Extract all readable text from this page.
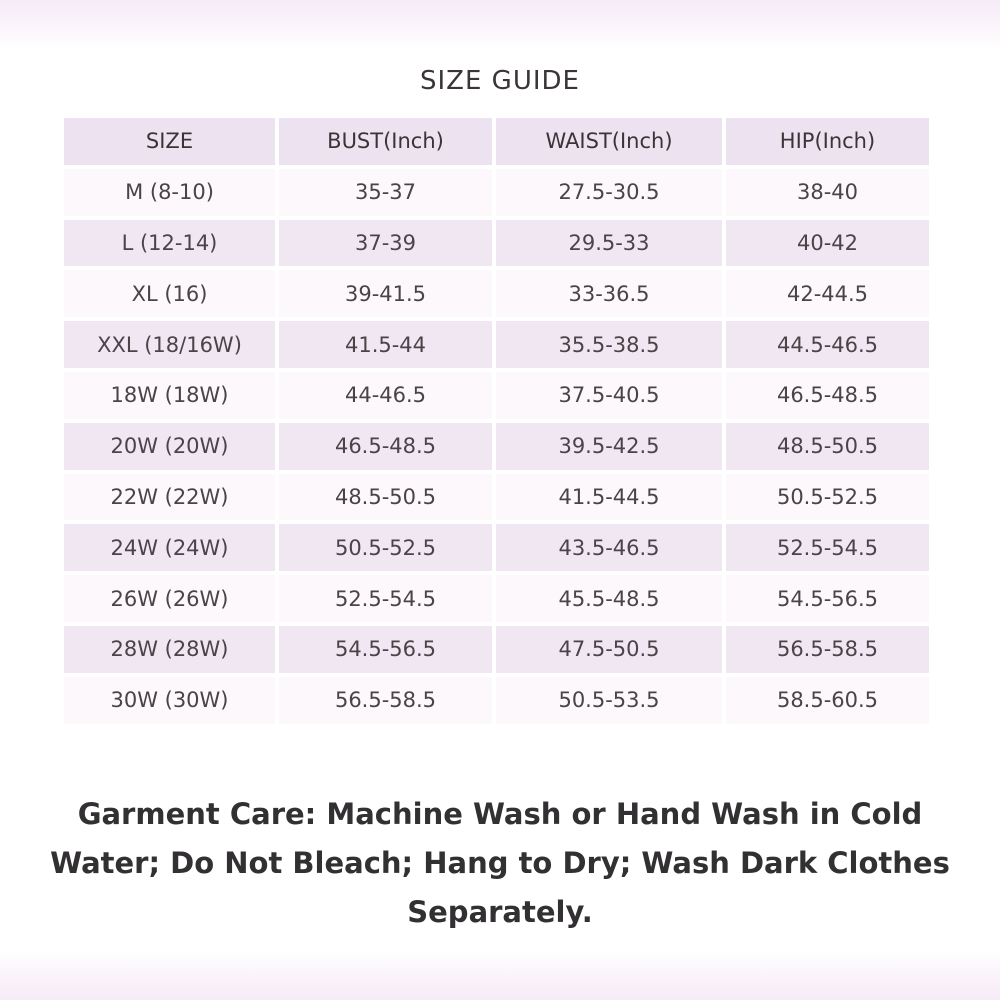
SIZE GUIDE
SIZE	BUST(Inch)	WAIST(Inch)	HIP(Inch)
M (8-10)	35-37	27.5-30.5	38-40
L (12-14)	37-39	29.5-33	40-42
XL (16)	39-41.5	33-36.5	42-44.5
XXL (18/16W)	41.5-44	35.5-38.5	44.5-46.5
18W (18W)	44-46.5	37.5-40.5	46.5-48.5
20W (20W)	46.5-48.5	39.5-42.5	48.5-50.5
22W (22W)	48.5-50.5	41.5-44.5	50.5-52.5
24W (24W)	50.5-52.5	43.5-46.5	52.5-54.5
26W (26W)	52.5-54.5	45.5-48.5	54.5-56.5
28W (28W)	54.5-56.5	47.5-50.5	56.5-58.5
30W (30W)	56.5-58.5	50.5-53.5	58.5-60.5
Garment Care: Machine Wash or Hand Wash in Cold Water; Do Not Bleach; Hang to Dry; Wash Dark Clothes Separately.
